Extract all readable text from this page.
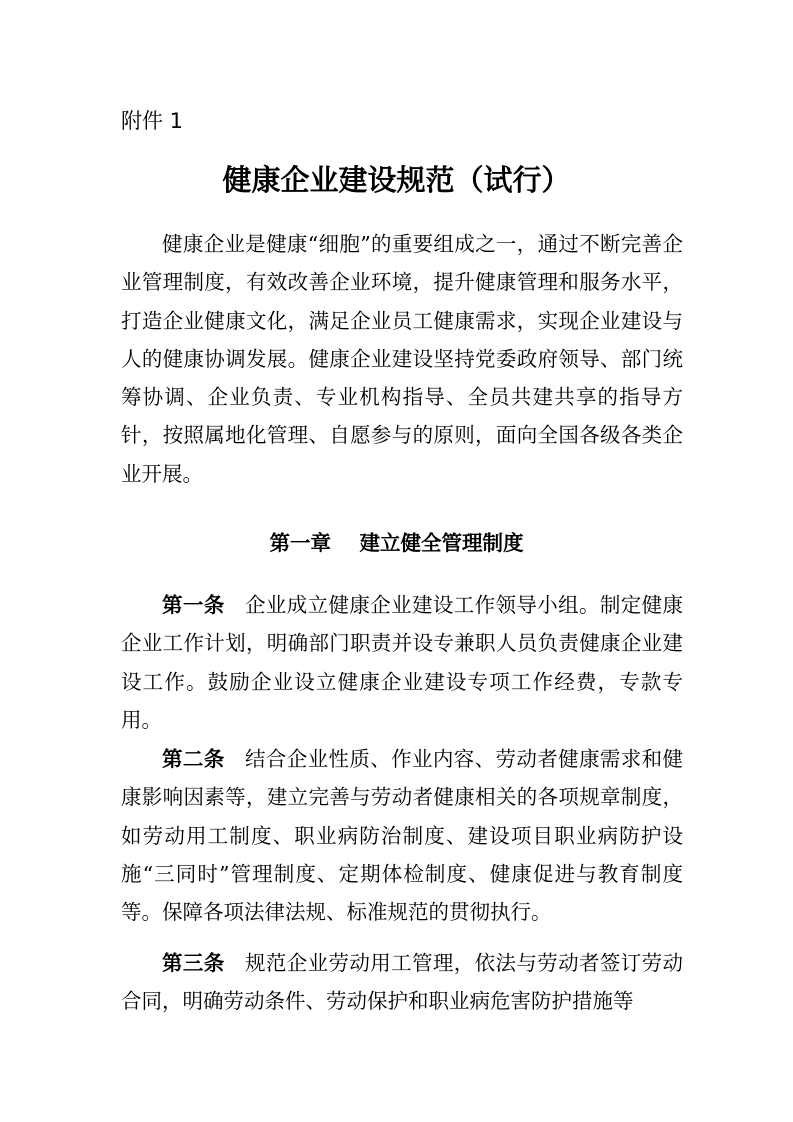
附件 1
健康企业建设规范（试行）

健康企业是健康“细胞”的重要组成之一，通过不断完善企业管理制度，有效改善企业环境，提升健康管理和服务水平，打造企业健康文化，满足企业员工健康需求，实现企业建设与人的健康协调发展。健康企业建设坚持党委政府领导、部门统筹协调、企业负责、专业机构指导、全员共建共享的指导方针，按照属地化管理、自愿参与的原则，面向全国各级各类企业开展。

第一章 建立健全管理制度

第一条 企业成立健康企业建设工作领导小组。制定健康企业工作计划，明确部门职责并设专兼职人员负责健康企业建设工作。鼓励企业设立健康企业建设专项工作经费，专款专用。

第二条 结合企业性质、作业内容、劳动者健康需求和健康影响因素等，建立完善与劳动者健康相关的各项规章制度，如劳动用工制度、职业病防治制度、建设项目职业病防护设施“三同时”管理制度、定期体检制度、健康促进与教育制度等。保障各项法律法规、标准规范的贯彻执行。

第三条 规范企业劳动用工管理，依法与劳动者签订劳动合同，明确劳动条件、劳动保护和职业病危害防护措施等
